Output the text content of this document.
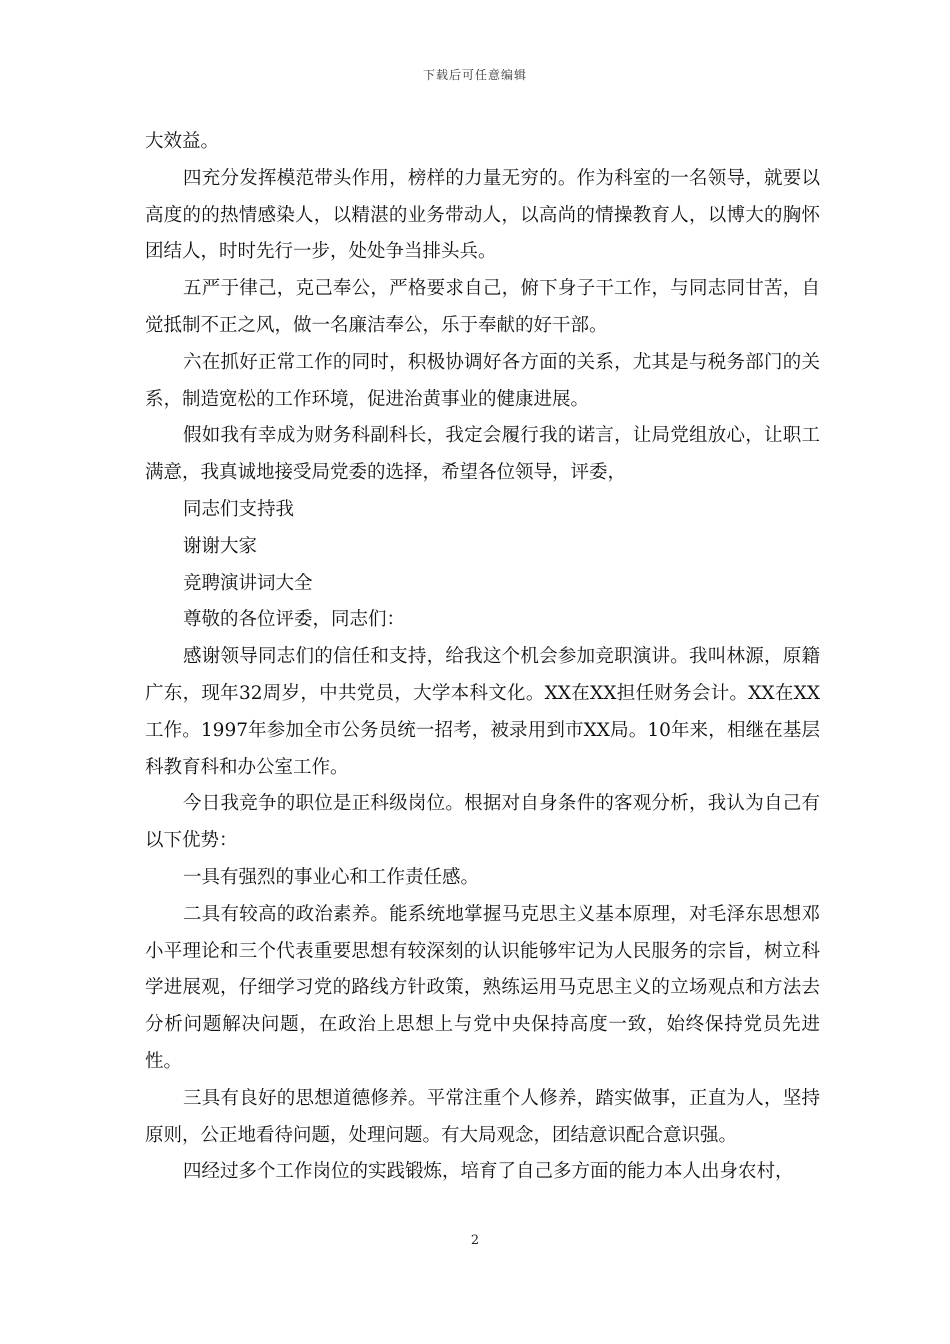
下载后可任意编辑

大效益。

四充分发挥模范带头作用，榜样的力量无穷的。作为科室的一名领导，就要以高度的的热情感染人，以精湛的业务带动人，以高尚的情操教育人，以博大的胸怀团结人，时时先行一步，处处争当排头兵。

五严于律己，克己奉公，严格要求自己，俯下身子干工作，与同志同甘苦，自觉抵制不正之风，做一名廉洁奉公，乐于奉献的好干部。

六在抓好正常工作的同时，积极协调好各方面的关系，尤其是与税务部门的关系，制造宽松的工作环境，促进治黄事业的健康进展。

假如我有幸成为财务科副科长，我定会履行我的诺言，让局党组放心，让职工满意，我真诚地接受局党委的选择，希望各位领导，评委，

同志们支持我

谢谢大家

竞聘演讲词大全

尊敬的各位评委，同志们：

感谢领导同志们的信任和支持，给我这个机会参加竞职演讲。我叫林源，原籍广东，现年32周岁，中共党员，大学本科文化。XX在XX担任财务会计。XX在XX工作。1997年参加全市公务员统一招考，被录用到市XX局。10年来，相继在基层科教育科和办公室工作。

今日我竞争的职位是正科级岗位。根据对自身条件的客观分析，我认为自己有以下优势：

一具有强烈的事业心和工作责任感。

二具有较高的政治素养。能系统地掌握马克思主义基本原理，对毛泽东思想邓小平理论和三个代表重要思想有较深刻的认识能够牢记为人民服务的宗旨，树立科学进展观，仔细学习党的路线方针政策，熟练运用马克思主义的立场观点和方法去分析问题解决问题，在政治上思想上与党中央保持高度一致，始终保持党员先进性。

三具有良好的思想道德修养。平常注重个人修养，踏实做事，正直为人，坚持原则，公正地看待问题，处理问题。有大局观念，团结意识配合意识强。

四经过多个工作岗位的实践锻炼，培育了自己多方面的能力本人出身农村，

2
